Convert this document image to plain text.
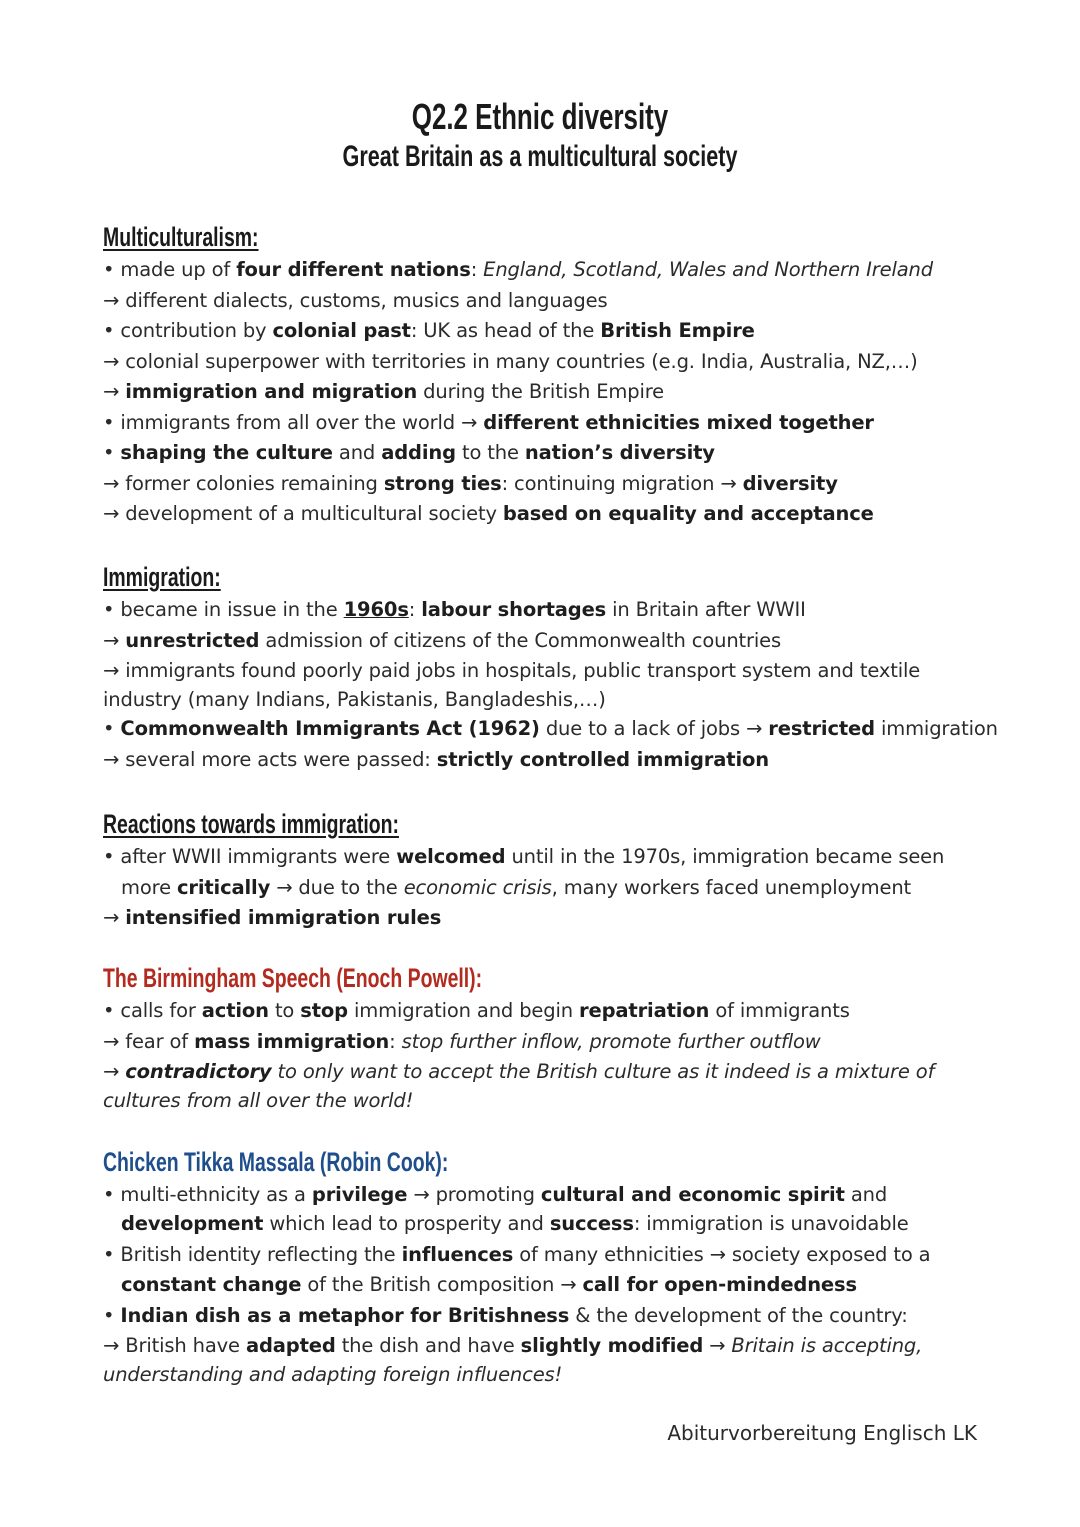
Q2.2 Ethnic diversity
Great Britain as a multicultural society
Multiculturalism:
• made up of four different nations: England, Scotland, Wales and Northern Ireland
→ different dialects, customs, musics and languages
• contribution by colonial past: UK as head of the British Empire
→ colonial superpower with territories in many countries (e.g. India, Australia, NZ,…)
→ immigration and migration during the British Empire
• immigrants from all over the world → different ethnicities mixed together
• shaping the culture and adding to the nation’s diversity
→ former colonies remaining strong ties: continuing migration → diversity
→ development of a multicultural society based on equality and acceptance
Immigration:
• became in issue in the 1960s: labour shortages in Britain after WWII
→ unrestricted admission of citizens of the Commonwealth countries
→ immigrants found poorly paid jobs in hospitals, public transport system and textile
industry (many Indians, Pakistanis, Bangladeshis,…)
• Commonwealth Immigrants Act (1962) due to a lack of jobs → restricted immigration
→ several more acts were passed: strictly controlled immigration
Reactions towards immigration:
• after WWII immigrants were welcomed until in the 1970s, immigration became seen
more critically → due to the economic crisis, many workers faced unemployment
→ intensified immigration rules
The Birmingham Speech (Enoch Powell):
• calls for action to stop immigration and begin repatriation of immigrants
→ fear of mass immigration: stop further inflow, promote further outflow
→ contradictory to only want to accept the British culture as it indeed is a mixture of
cultures from all over the world!
Chicken Tikka Massala (Robin Cook):
• multi-ethnicity as a privilege → promoting cultural and economic spirit and
development which lead to prosperity and success: immigration is unavoidable
• British identity reflecting the influences of many ethnicities → society exposed to a
constant change of the British composition → call for open-mindedness
• Indian dish as a metaphor for Britishness & the development of the country:
→ British have adapted the dish and have slightly modified → Britain is accepting,
understanding and adapting foreign influences!
Abiturvorbereitung Englisch LK
